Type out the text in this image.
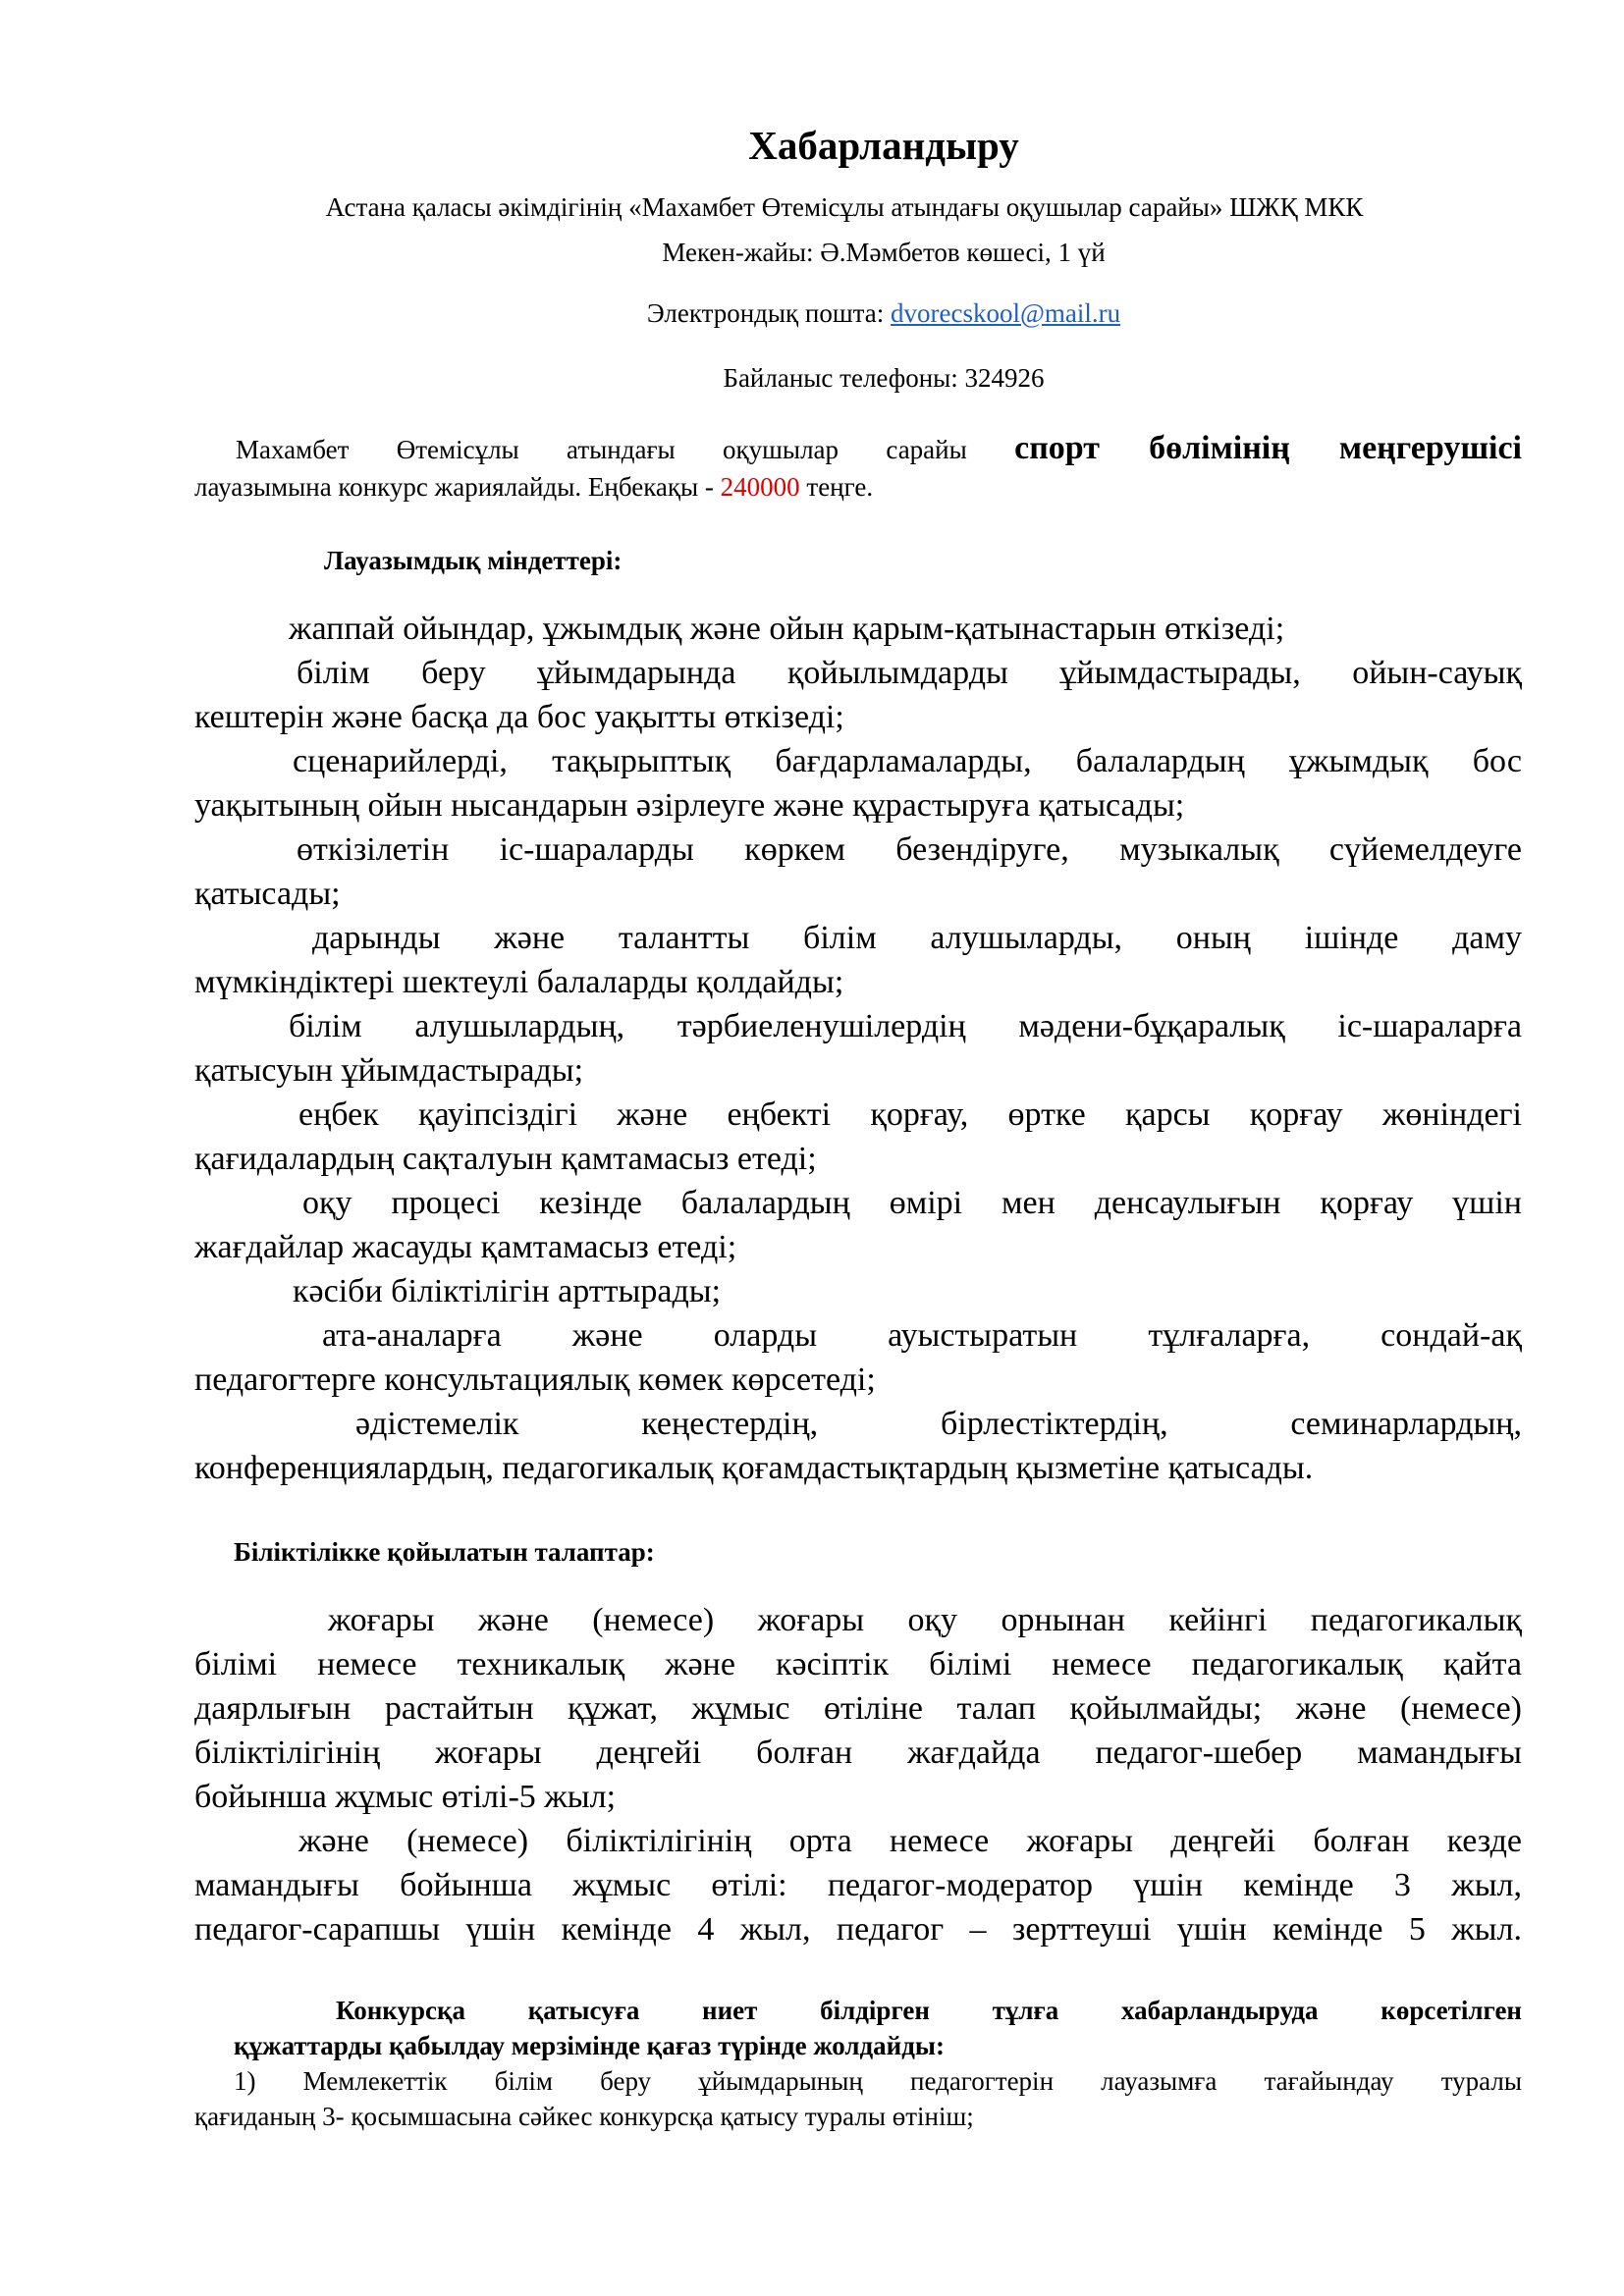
Хабарландыру
Астана қаласы әкімдігінің «Махамбет Өтемісұлы атындағы оқушылар сарайы» ШЖҚ МКК
Мекен-жайы: Ә.Мәмбетов көшесі, 1 үй
Электрондық пошта: dvorecskool@mail.ru
Байланыс телефоны: 324926
Махамбет Өтемісұлы атындағы оқушылар сарайы спорт бөлімінің меңгерушісі
лауазымына конкурс жариялайды. Еңбекақы - 240000 теңге.
Лауазымдық міндеттері:
жаппай ойындар, ұжымдық және ойын қарым-қатынастарын өткізеді;
білім беру ұйымдарында қойылымдарды ұйымдастырады, ойын-сауық
кештерін және басқа да бос уақытты өткізеді;
сценарийлерді, тақырыптық бағдарламаларды, балалардың ұжымдық бос
уақытының ойын нысандарын әзірлеуге және құрастыруға қатысады;
өткізілетін іс-шараларды көркем безендіруге, музыкалық сүйемелдеуге
қатысады;
дарынды және талантты білім алушыларды, оның ішінде даму
мүмкіндіктері шектеулі балаларды қолдайды;
білім алушылардың, тәрбиеленушілердің мәдени-бұқаралық іс-шараларға
қатысуын ұйымдастырады;
еңбек қауіпсіздігі және еңбекті қорғау, өртке қарсы қорғау жөніндегі
қағидалардың сақталуын қамтамасыз етеді;
оқу процесі кезінде балалардың өмірі мен денсаулығын қорғау үшін
жағдайлар жасауды қамтамасыз етеді;
кәсіби біліктілігін арттырады;
ата-аналарға және оларды ауыстыратын тұлғаларға, сондай-ақ
педагогтерге консультациялық көмек көрсетеді;
әдістемелік кеңестердің, бірлестіктердің, семинарлардың,
конференциялардың, педагогикалық қоғамдастықтардың қызметіне қатысады.
Біліктілікке қойылатын талаптар:
жоғары және (немесе) жоғары оқу орнынан кейінгі педагогикалық
білімі немесе техникалық және кәсіптік білімі немесе педагогикалық қайта
даярлығын растайтын құжат, жұмыс өтіліне талап қойылмайды; және (немесе)
біліктілігінің жоғары деңгейі болған жағдайда педагог-шебер мамандығы
бойынша жұмыс өтілі-5 жыл;
және (немесе) біліктілігінің орта немесе жоғары деңгейі болған кезде
мамандығы бойынша жұмыс өтілі: педагог-модератор үшін кемінде 3 жыл,
педагог-сарапшы үшін кемінде 4 жыл, педагог – зерттеуші үшін кемінде 5 жыл.
Конкурсқа қатысуға ниет білдірген тұлға хабарландыруда көрсетілген
құжаттарды қабылдау мерзімінде қағаз түрінде жолдайды:
1) Мемлекеттік білім беру ұйымдарының педагогтерін лауазымға тағайындау туралы
қағиданың 3- қосымшасына сәйкес конкурсқа қатысу туралы өтініш;
